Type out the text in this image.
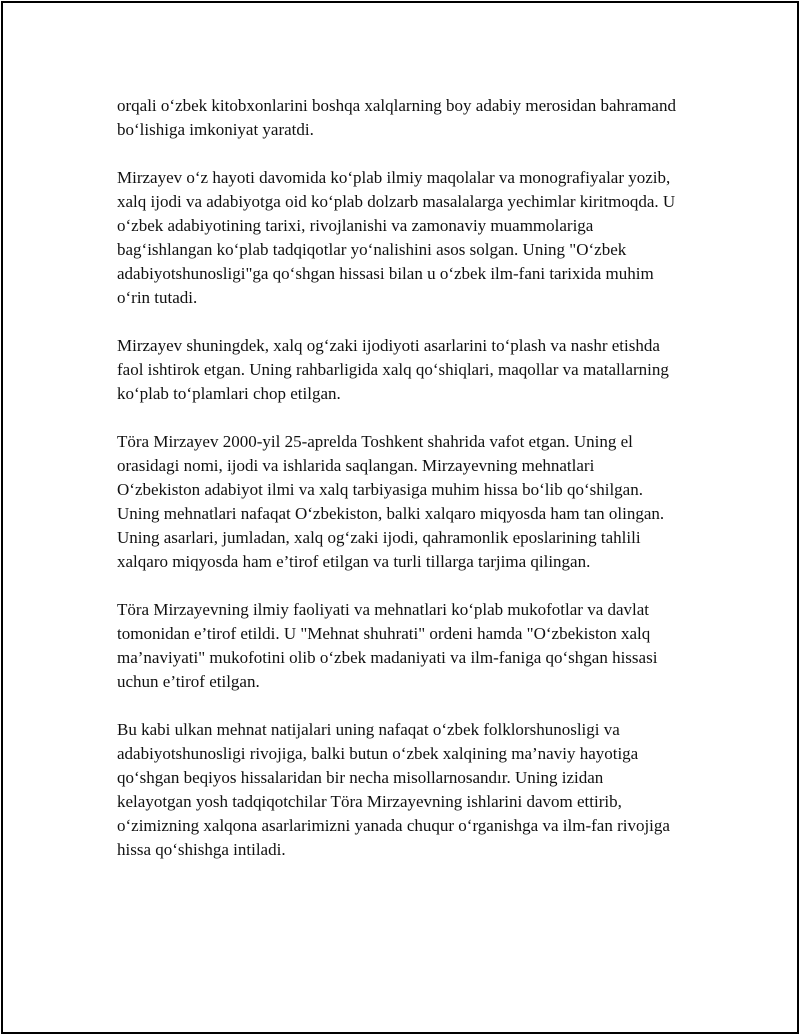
orqali o‘zbek kitobxonlarini boshqa xalqlarning boy adabiy merosidan bahramand bo‘lishiga imkoniyat yaratdi.

Mirzayev o‘z hayoti davomida ko‘plab ilmiy maqolalar va monografiyalar yozib, xalq ijodi va adabiyotga oid ko‘plab dolzarb masalalarga yechimlar kiritmoqda. U o‘zbek adabiyotining tarixi, rivojlanishi va zamonaviy muammolariga bag‘ishlangan ko‘plab tadqiqotlar yo‘nalishini asos solgan. Uning "O‘zbek adabiyotshunosligi"ga qo‘shgan hissasi bilan u o‘zbek ilm-fani tarixida muhim o‘rin tutadi.

Mirzayev shuningdek, xalq og‘zaki ijodiyoti asarlarini to‘plash va nashr etishda faol ishtirok etgan. Uning rahbarligida xalq qo‘shiqlari, maqollar va matallarning ko‘plab to‘plamlari chop etilgan.

Töra Mirzayev 2000-yil 25-aprelda Toshkent shahrida vafot etgan. Uning el orasidagi nomi, ijodi va ishlarida saqlangan. Mirzayevning mehnatlari O‘zbekiston adabiyot ilmi va xalq tarbiyasiga muhim hissa bo‘lib qo‘shilgan. Uning mehnatlari nafaqat O‘zbekiston, balki xalqaro miqyosda ham tan olingan. Uning asarlari, jumladan, xalq og‘zaki ijodi, qahramonlik eposlarining tahlili xalqaro miqyosda ham e’tirof etilgan va turli tillarga tarjima qilingan.

Töra Mirzayevning ilmiy faoliyati va mehnatlari ko‘plab mukofotlar va davlat tomonidan e’tirof etildi. U "Mehnat shuhrati" ordeni hamda "O‘zbekiston xalq ma’naviyati" mukofotini olib o‘zbek madaniyati va ilm-faniga qo‘shgan hissasi uchun e’tirof etilgan.

Bu kabi ulkan mehnat natijalari uning nafaqat o‘zbek folklorshunosligi va adabiyotshunosligi rivojiga, balki butun o‘zbek xalqining ma’naviy hayotiga qo‘shgan beqiyos hissalaridan bir necha misollarnosandır. Uning izidan kelayotgan yosh tadqiqotchilar Töra Mirzayevning ishlarini davom ettirib, o‘zimizning xalqona asarlarimizni yanada chuqur o‘rganishga va ilm-fan rivojiga hissa qo‘shishga intiladi.
